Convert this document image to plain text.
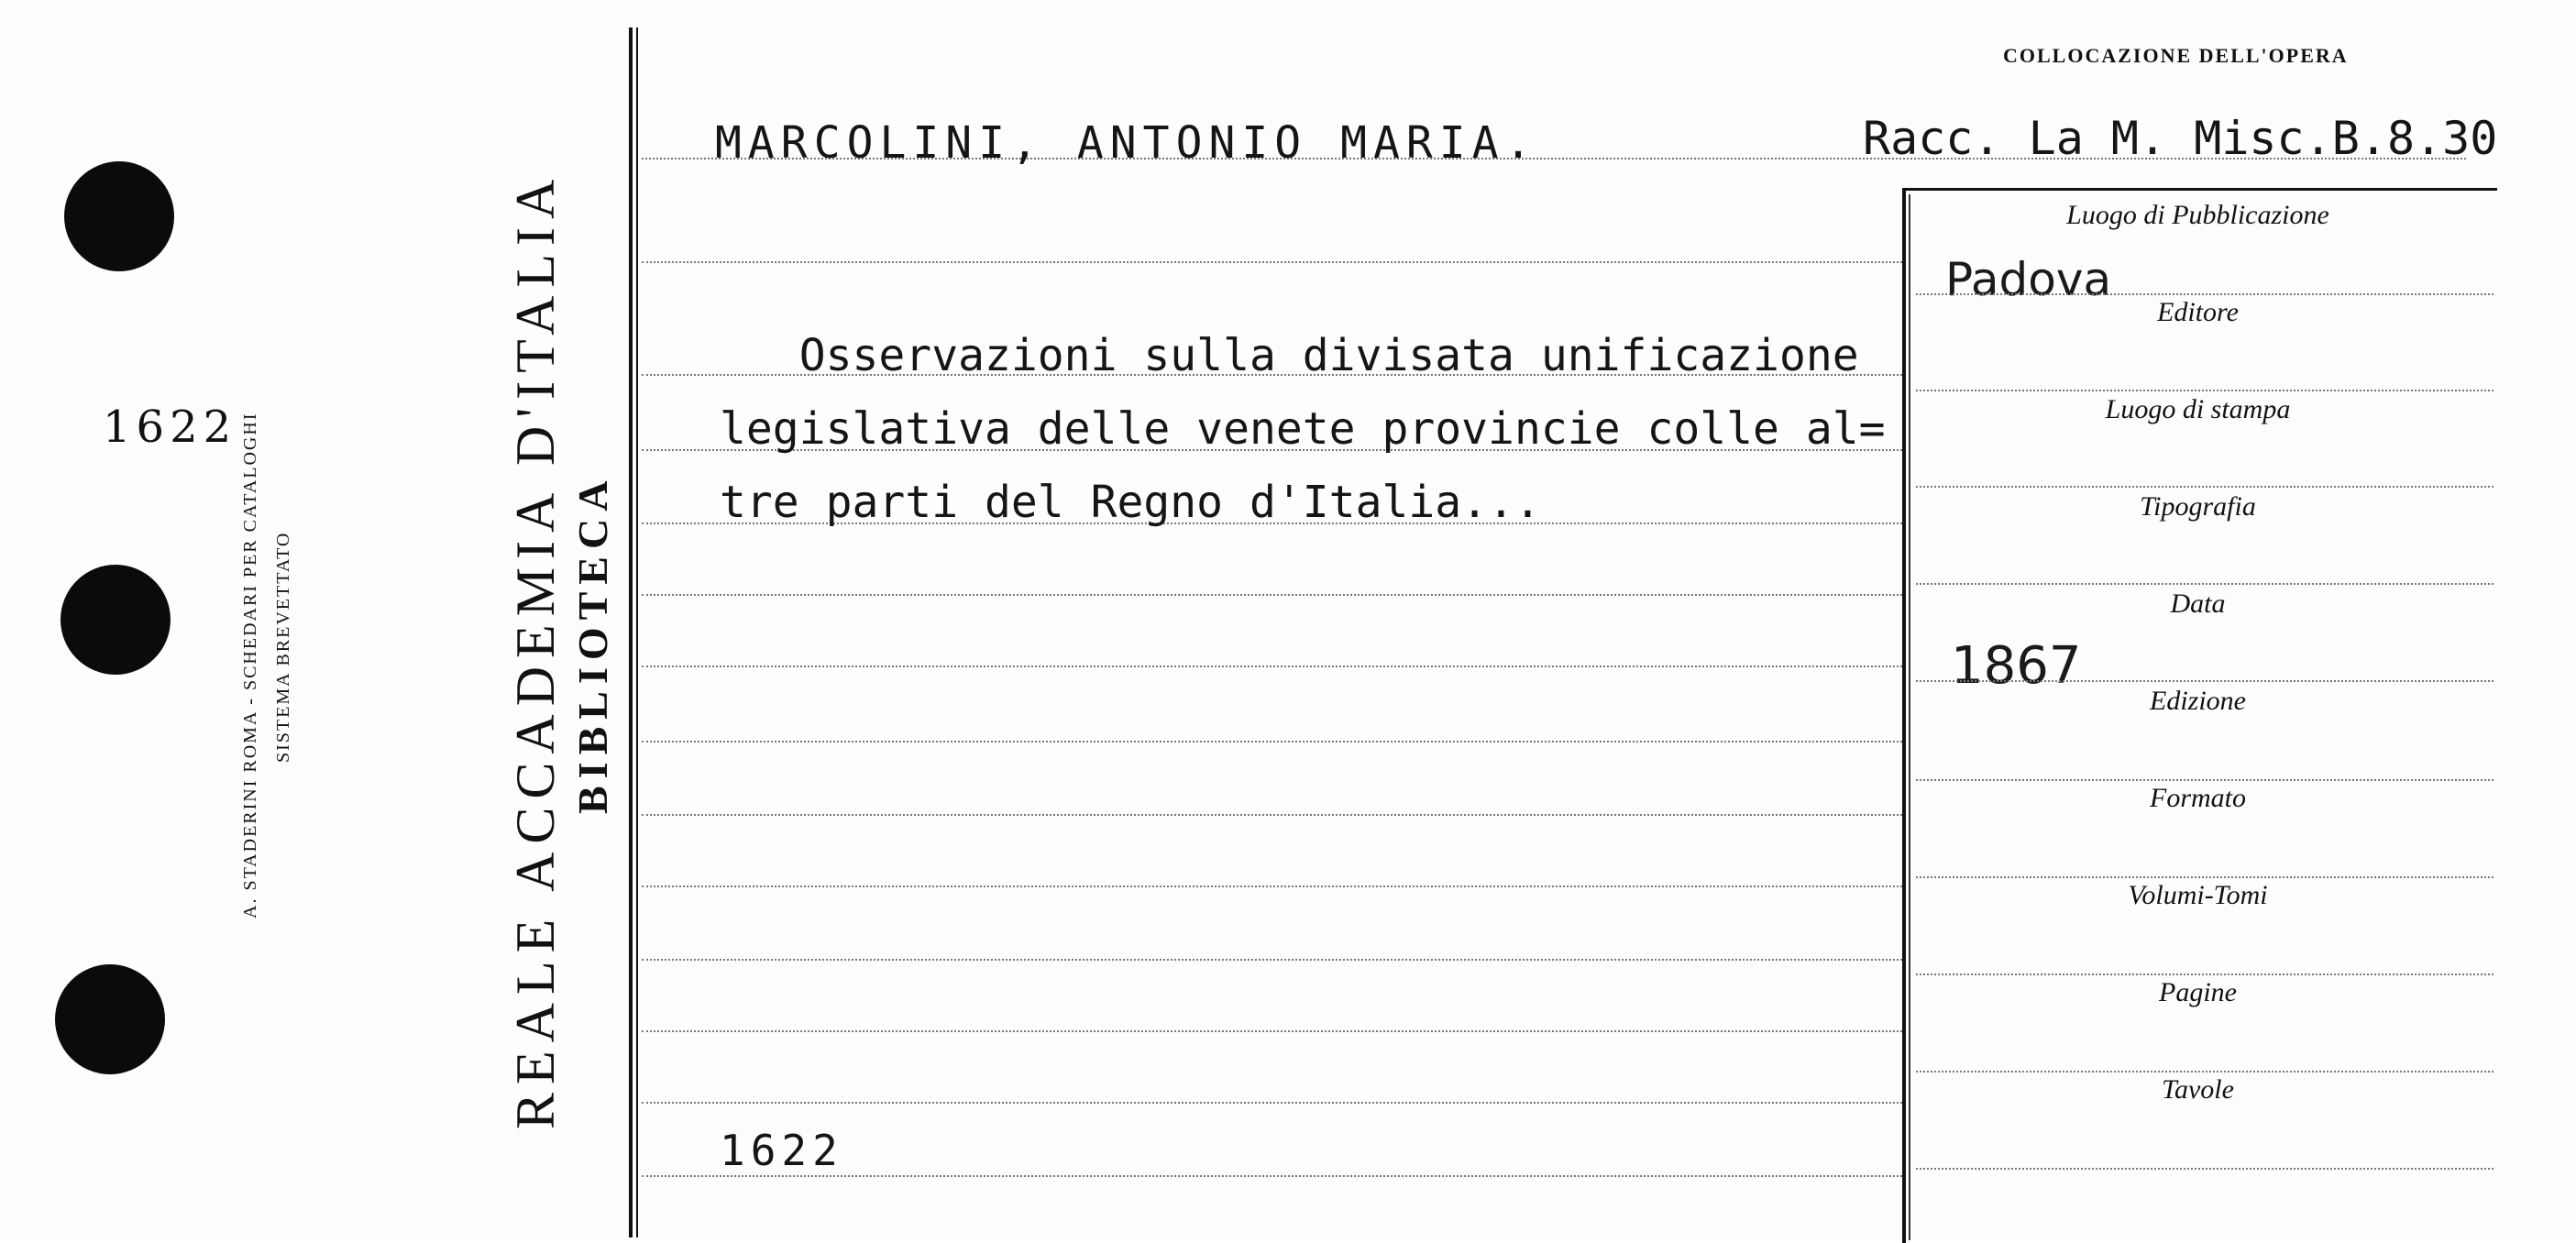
1622 A. STADERINI ROMA - SCHEDARI PER CATALOGHI SISTEMA BREVETTATO	REALE ACCADEMIA D'ITALIA BIBLIOTECA
COLLOCAZIONE DELL'OPERA
MARCOLINI, ANTONIO MARIA.	Racc. La M. Misc.B.8.30
Osservazioni sulla divisata unificazione
legislativa delle venete provincie colle al=
tre parti del Regno d'Italia...
1622
Luogo di Pubblicazione
Padova
Editore
Luogo di stampa
Tipografia
Data
1867
Edizione
Formato
Volumi-Tomi
Pagine
Tavole
